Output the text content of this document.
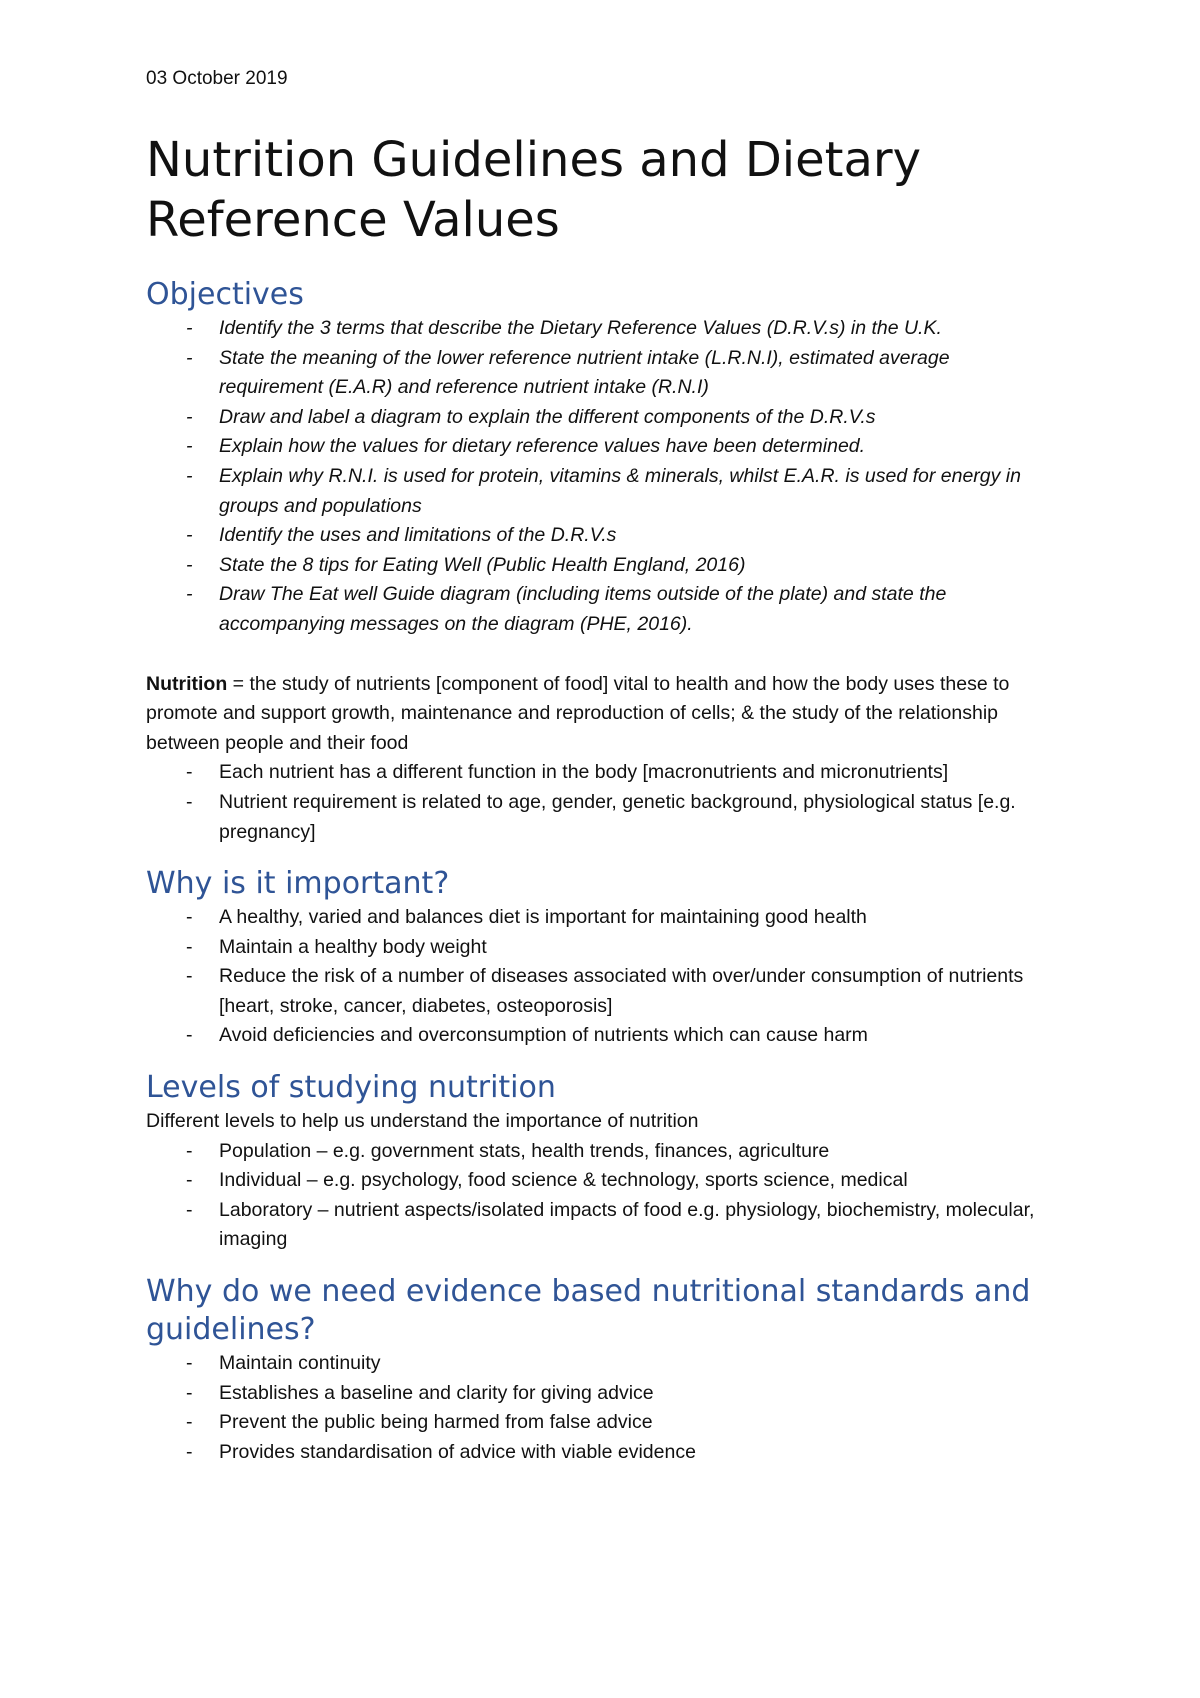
03 October 2019
Nutrition Guidelines and Dietary Reference Values
Objectives
- Identify the 3 terms that describe the Dietary Reference Values (D.R.V.s) in the U.K.
- State the meaning of the lower reference nutrient intake (L.R.N.I), estimated average requirement (E.A.R) and reference nutrient intake (R.N.I)
- Draw and label a diagram to explain the different components of the D.R.V.s
- Explain how the values for dietary reference values have been determined.
- Explain why R.N.I. is used for protein, vitamins & minerals, whilst E.A.R. is used for energy in groups and populations
- Identify the uses and limitations of the D.R.V.s
- State the 8 tips for Eating Well (Public Health England, 2016)
- Draw The Eat well Guide diagram (including items outside of the plate) and state the accompanying messages on the diagram (PHE, 2016).

Nutrition = the study of nutrients [component of food] vital to health and how the body uses these to promote and support growth, maintenance and reproduction of cells; & the study of the relationship between people and their food

- Each nutrient has a different function in the body [macronutrients and micronutrients]
- Nutrient requirement is related to age, gender, genetic background, physiological status [e.g. pregnancy]
Why is it important?
- A healthy, varied and balances diet is important for maintaining good health
- Maintain a healthy body weight
- Reduce the risk of a number of diseases associated with over/under consumption of nutrients [heart, stroke, cancer, diabetes, osteoporosis]
- Avoid deficiencies and overconsumption of nutrients which can cause harm
Levels of studying nutrition

Different levels to help us understand the importance of nutrition

- Population – e.g. government stats, health trends, finances, agriculture
- Individual – e.g. psychology, food science & technology, sports science, medical
- Laboratory – nutrient aspects/isolated impacts of food e.g. physiology, biochemistry, molecular, imaging
Why do we need evidence based nutritional standards and guidelines?
- Maintain continuity
- Establishes a baseline and clarity for giving advice
- Prevent the public being harmed from false advice
- Provides standardisation of advice with viable evidence
